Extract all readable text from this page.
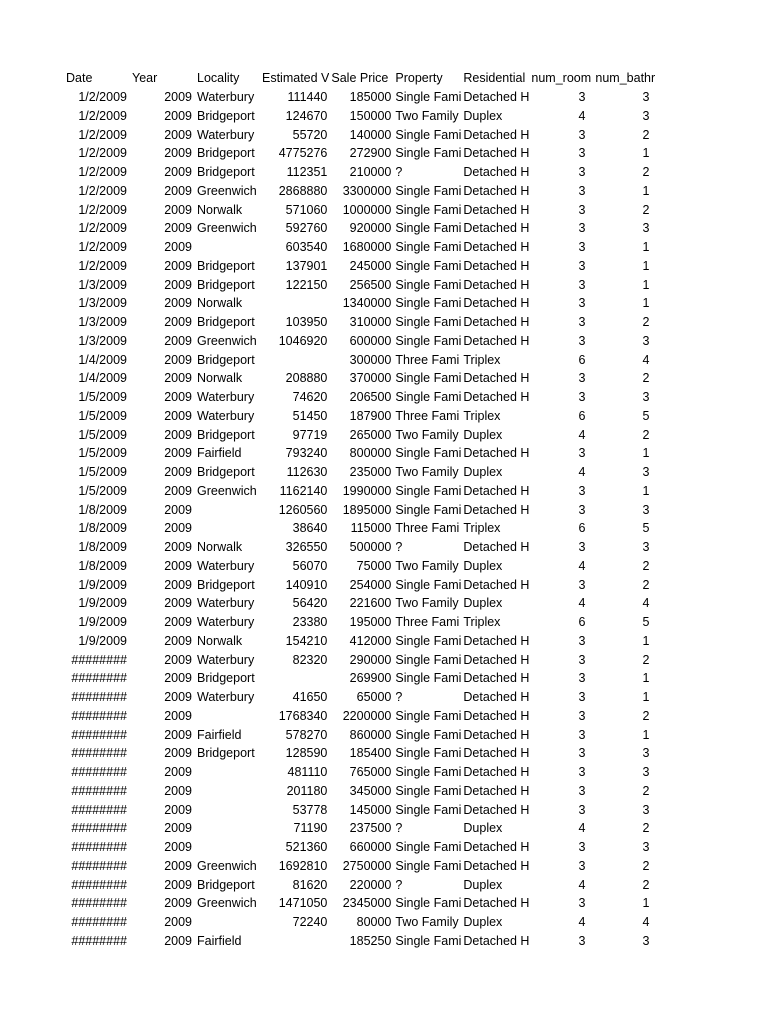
Date	Year	Locality	Estimated V	Sale Price	Property	Residential	num_room	num_bathr
1/2/2009	2009	Waterbury	111440	185000	Single Fami	Detached H	3	3
1/2/2009	2009	Bridgeport	124670	150000	Two Family	Duplex	4	3
1/2/2009	2009	Waterbury	55720	140000	Single Fami	Detached H	3	2
1/2/2009	2009	Bridgeport	4775276	272900	Single Fami	Detached H	3	1
1/2/2009	2009	Bridgeport	112351	210000	?	Detached H	3	2
1/2/2009	2009	Greenwich	2868880	3300000	Single Fami	Detached H	3	1
1/2/2009	2009	Norwalk	571060	1000000	Single Fami	Detached H	3	2
1/2/2009	2009	Greenwich	592760	920000	Single Fami	Detached H	3	3
1/2/2009	2009		603540	1680000	Single Fami	Detached H	3	1
1/2/2009	2009	Bridgeport	137901	245000	Single Fami	Detached H	3	1
1/3/2009	2009	Bridgeport	122150	256500	Single Fami	Detached H	3	1
1/3/2009	2009	Norwalk		1340000	Single Fami	Detached H	3	1
1/3/2009	2009	Bridgeport	103950	310000	Single Fami	Detached H	3	2
1/3/2009	2009	Greenwich	1046920	600000	Single Fami	Detached H	3	3
1/4/2009	2009	Bridgeport		300000	Three Fami	Triplex	6	4
1/4/2009	2009	Norwalk	208880	370000	Single Fami	Detached H	3	2
1/5/2009	2009	Waterbury	74620	206500	Single Fami	Detached H	3	3
1/5/2009	2009	Waterbury	51450	187900	Three Fami	Triplex	6	5
1/5/2009	2009	Bridgeport	97719	265000	Two Family	Duplex	4	2
1/5/2009	2009	Fairfield	793240	800000	Single Fami	Detached H	3	1
1/5/2009	2009	Bridgeport	112630	235000	Two Family	Duplex	4	3
1/5/2009	2009	Greenwich	1162140	1990000	Single Fami	Detached H	3	1
1/8/2009	2009		1260560	1895000	Single Fami	Detached H	3	3
1/8/2009	2009		38640	115000	Three Fami	Triplex	6	5
1/8/2009	2009	Norwalk	326550	500000	?	Detached H	3	3
1/8/2009	2009	Waterbury	56070	75000	Two Family	Duplex	4	2
1/9/2009	2009	Bridgeport	140910	254000	Single Fami	Detached H	3	2
1/9/2009	2009	Waterbury	56420	221600	Two Family	Duplex	4	4
1/9/2009	2009	Waterbury	23380	195000	Three Fami	Triplex	6	5
1/9/2009	2009	Norwalk	154210	412000	Single Fami	Detached H	3	1
########	2009	Waterbury	82320	290000	Single Fami	Detached H	3	2
########	2009	Bridgeport		269900	Single Fami	Detached H	3	1
########	2009	Waterbury	41650	65000	?	Detached H	3	1
########	2009		1768340	2200000	Single Fami	Detached H	3	2
########	2009	Fairfield	578270	860000	Single Fami	Detached H	3	1
########	2009	Bridgeport	128590	185400	Single Fami	Detached H	3	3
########	2009		481110	765000	Single Fami	Detached H	3	3
########	2009		201180	345000	Single Fami	Detached H	3	2
########	2009		53778	145000	Single Fami	Detached H	3	3
########	2009		71190	237500	?	Duplex	4	2
########	2009		521360	660000	Single Fami	Detached H	3	3
########	2009	Greenwich	1692810	2750000	Single Fami	Detached H	3	2
########	2009	Bridgeport	81620	220000	?	Duplex	4	2
########	2009	Greenwich	1471050	2345000	Single Fami	Detached H	3	1
########	2009		72240	80000	Two Family	Duplex	4	4
########	2009	Fairfield		185250	Single Fami	Detached H	3	3
